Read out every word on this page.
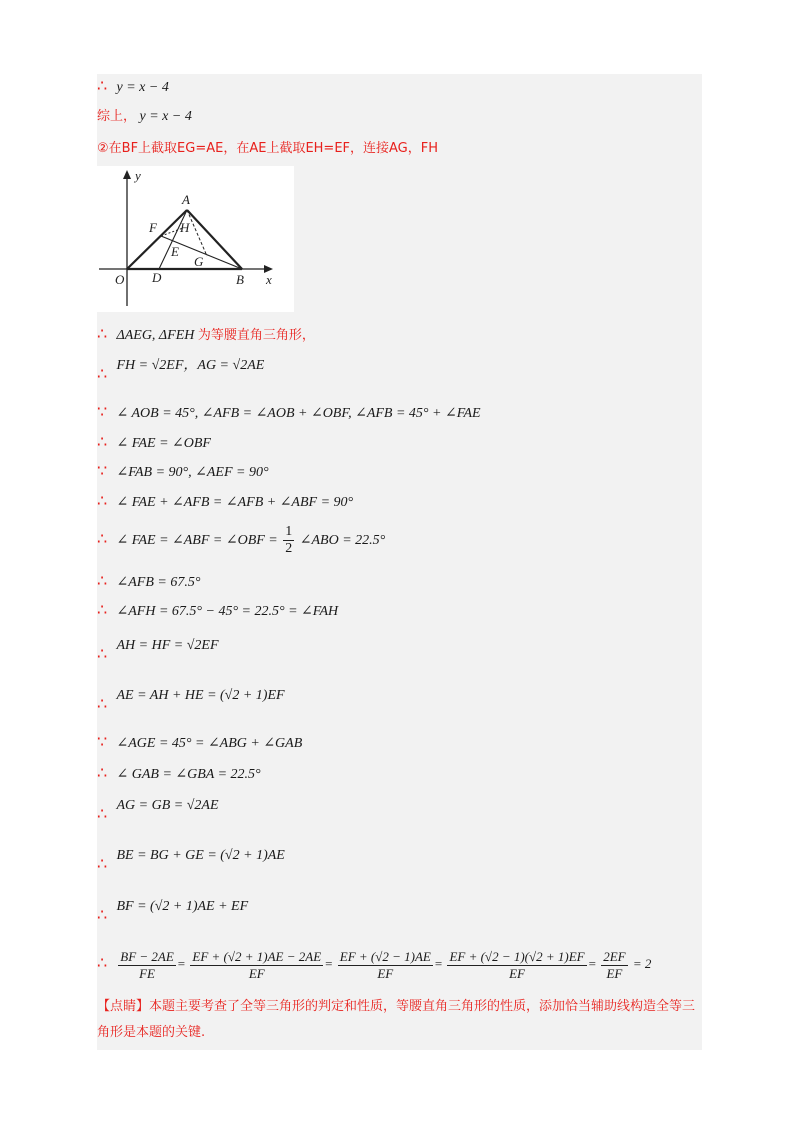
∴ y = x − 4
综上， y = x − 4
②在BF上截取EG=AE，在AE上截取EH=EF，连接AG，FH
y
A
F H
E
G
O D	B x
∴ ΔAEG, ΔFEH 为等腰直角三角形，
∴ FH = √2EF，AG = √2AE
∵ ∠ AOB = 45°, ∠AFB = ∠AOB + ∠OBF, ∠AFB = 45° + ∠FAE
∴ ∠ FAE = ∠OBF
∵ ∠FAB = 90°, ∠AEF = 90°
∴ ∠ FAE + ∠AFB = ∠AFB + ∠ABF = 90°
∴ ∠ FAE = ∠ABF = ∠OBF = $\frac{1}{2}$ ∠ABO = 22.5°
∴ ∠AFB = 67.5°
∴ ∠AFH = 67.5° − 45° = 22.5° = ∠FAH
∴ AH = HF = √2EF
∴ AE = AH + HE = (√2 + 1)EF
∵ ∠AGE = 45° = ∠ABG + ∠GAB
∴ ∠ GAB = ∠GBA = 22.5°
∴ AG = GB = √2AE
∴ BE = BG + GE = (√2 + 1)AE
∴ BF = (√2 + 1)AE + EF
∴ $\frac{BF - 2AE}{FE} = \frac{EF + (√2 + 1)AE - 2AE}{EF} = \frac{EF + (√2 - 1)AE}{EF} = \frac{EF + (√2 - 1)(√2 + 1)EF}{EF} = \frac{2EF}{EF} = 2$
【点睛】本题主要考查了全等三角形的判定和性质，等腰直角三角形的性质，添加恰当辅助线构造全等三角形是本题的关键.
